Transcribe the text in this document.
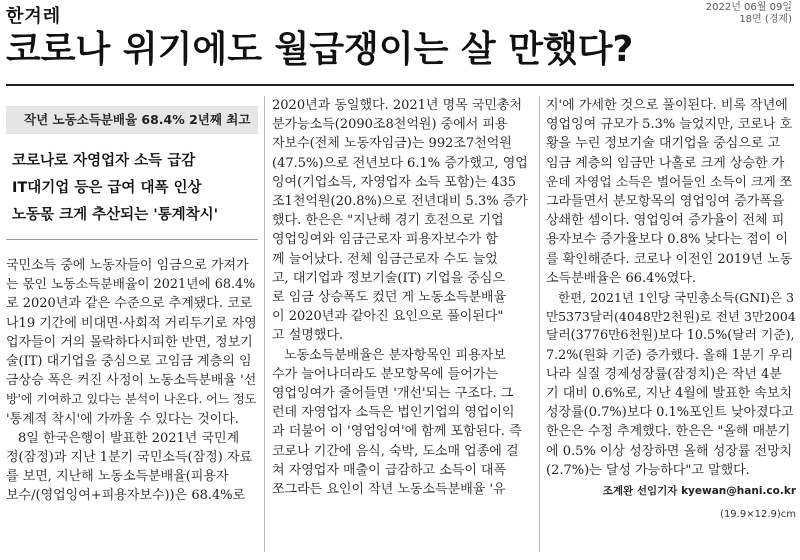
한겨레	2022년 06월 09일
18면 (경제)
코로나 위기에도 월급쟁이는 살 만했다?
작년 노동소득분배율 68.4% 2년째 최고

코로나로 자영업자 소득 급감

IT대기업 등은 급여 대폭 인상

노동몫 크게 추산되는 '통계착시'

국민소득 중에 노동자들이 임금으로 가져가

는 몫인 노동소득분배율이 2021년에 68.4%

로 2020년과 같은 수준으로 추계됐다. 코로

나19 기간에 비대면·사회적 거리두기로 자영

업자들이 거의 몰락하다시피한 반면, 정보기

술(IT) 대기업을 중심으로 고임금 계층의 임

금상승 폭은 커진 사정이 노동소득분배율 '선

방'에 기여하고 있다는 분석이 나온다. 어느 정도

'통계적 착시'에 가까울 수 있다는 것이다.

8일 한국은행이 발표한 2021년 국민계

정(잠정)과 지난 1분기 국민소득(잠정) 자료

를 보면, 지난해 노동소득분배율(피용자

보수/(영업잉여+피용자보수))은 68.4%로

2020년과 동일했다. 2021년 명목 국민총처

분가능소득(2090조8천억원) 중에서 피용

자보수(전체 노동자임금)는 992조7천억원

(47.5%)으로 전년보다 6.1% 증가했고, 영업

잉여(기업소득, 자영업자 소득 포함)는 435

조1천억원(20.8%)으로 전년대비 5.3% 증가

했다. 한은은 "지난해 경기 호전으로 기업

영업잉여와 임금근로자 피용자보수가 함

께 늘어났다. 전체 임금근로자 수도 늘었

고, 대기업과 정보기술(IT) 기업을 중심으

로 임금 상승폭도 컸던 게 노동소득분배율

이 2020년과 같아진 요인으로 풀이된다"

고 설명했다.

노동소득분배율은 분자항목인 피용자보

수가 늘어나더라도 분모항목에 들어가는

영업잉여가 줄어들면 '개선'되는 구조다. 그

런데 자영업자 소득은 법인기업의 영업이익

과 더불어 이 '영업잉여'에 함께 포함된다. 즉

코로나 기간에 음식, 숙박, 도소매 업종에 걸

쳐 자영업자 매출이 급감하고 소득이 대폭

쪼그라든 요인이 작년 노동소득분배율 '유

지'에 가세한 것으로 풀이된다. 비록 작년에

영업잉여 규모가 5.3% 늘었지만, 코로나 호

황을 누린 정보기술 대기업을 중심으로 고

임금 계층의 임금만 나홀로 크게 상승한 가

운데 자영업 소득은 벌어들인 소득이 크게 쪼

그라들면서 분모항목의 영업잉여 증가폭을

상쇄한 셈이다. 영업잉여 증가율이 전체 피

용자보수 증가율보다 0.8% 낮다는 점이 이

를 확인해준다. 코로나 이전인 2019년 노동

소득분배율은 66.4%였다.

한편, 2021년 1인당 국민총소득(GNI)은 3

만5373달러(4048만2천원)로 전년 3만2004

달러(3776만6천원)보다 10.5%(달러 기준),

7.2%(원화 기준) 증가했다. 올해 1분기 우리

나라 실질 경제성장률(잠정치)은 작년 4분

기 대비 0.6%로, 지난 4월에 발표한 속보치

성장률(0.7%)보다 0.1%포인트 낮아졌다고

한은은 수정 추계했다. 한은은 "올해 매분기

에 0.5% 이상 성장하면 올해 성장률 전망치

(2.7%)는 달성 가능하다"고 말했다.

조계완 선임기자 kyewan@hani.co.kr
(19.9×12.9)cm
